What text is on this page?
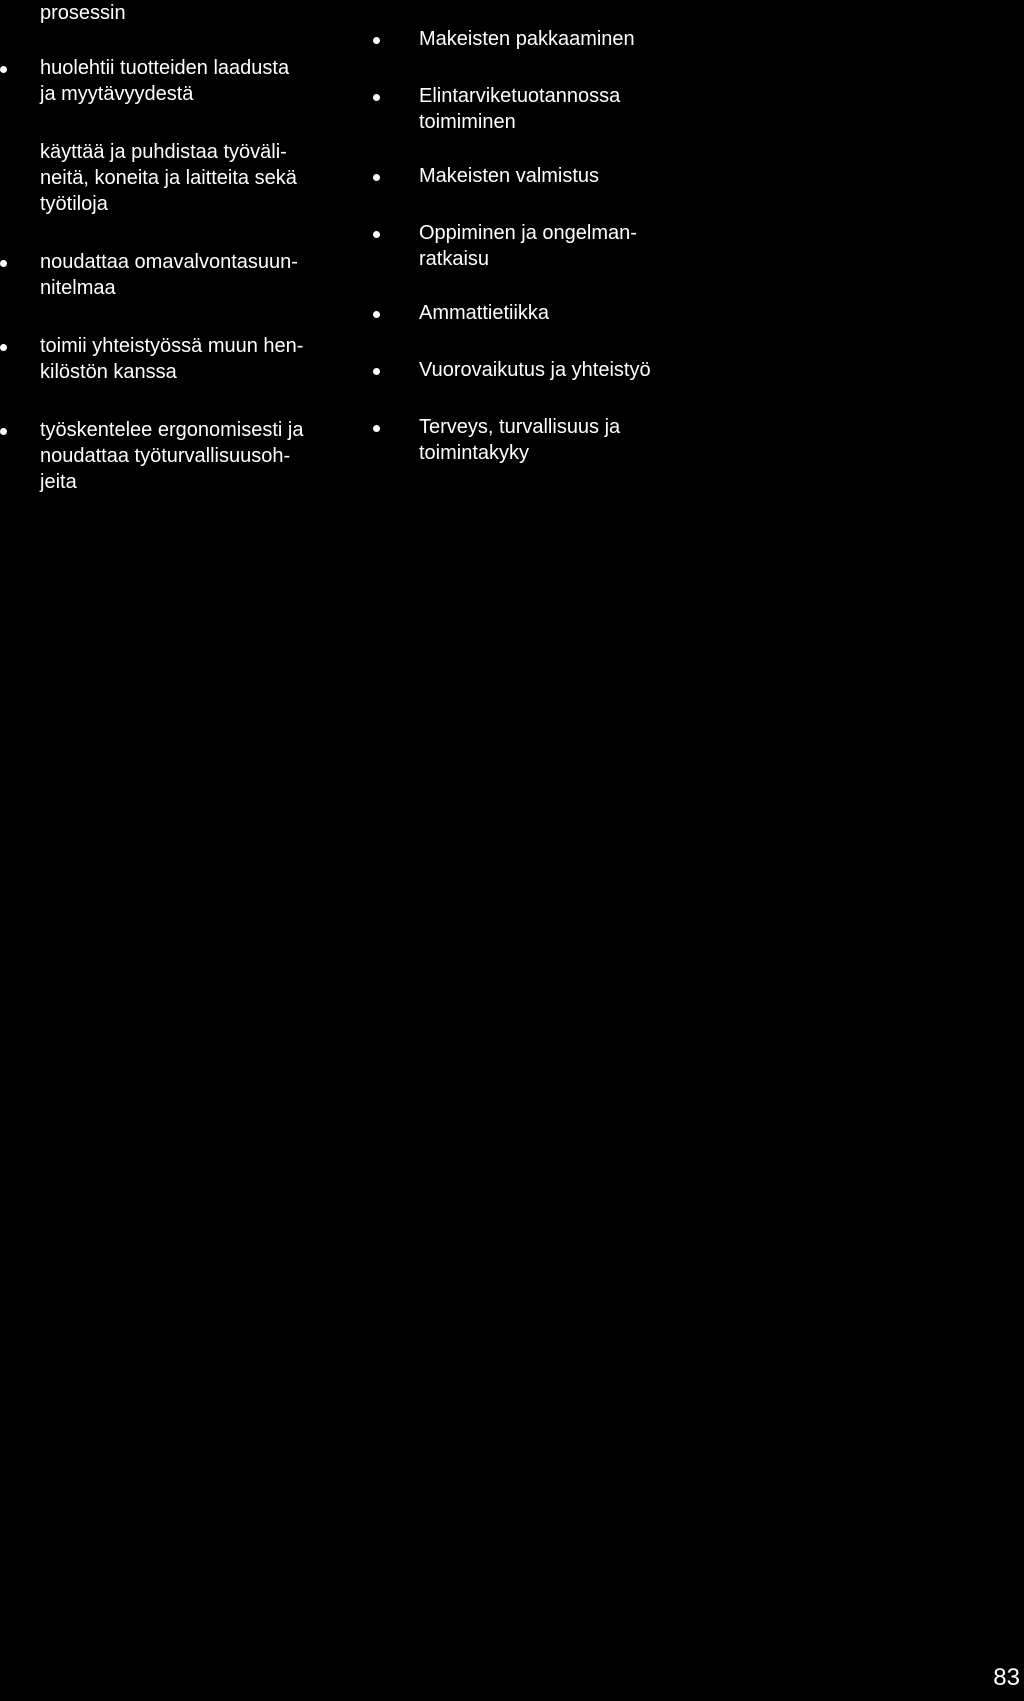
prosessin
huolehtii tuotteiden laadusta
ja myytävyydestä
käyttää ja puhdistaa työväli-
neitä, koneita ja laitteita sekä
työtiloja
noudattaa omavalvontasuun-
nitelmaa
toimii yhteistyössä muun hen-
kilöstön kanssa
työskentelee ergonomisesti ja
noudattaa työturvallisuusoh-
jeita
Makeisten pakkaaminen
Elintarviketuotannossa
toimiminen
Makeisten valmistus
Oppiminen ja ongelman-
ratkaisu
Ammattietiikka
Vuorovaikutus ja yhteistyö
Terveys, turvallisuus ja
toimintakyky
83
